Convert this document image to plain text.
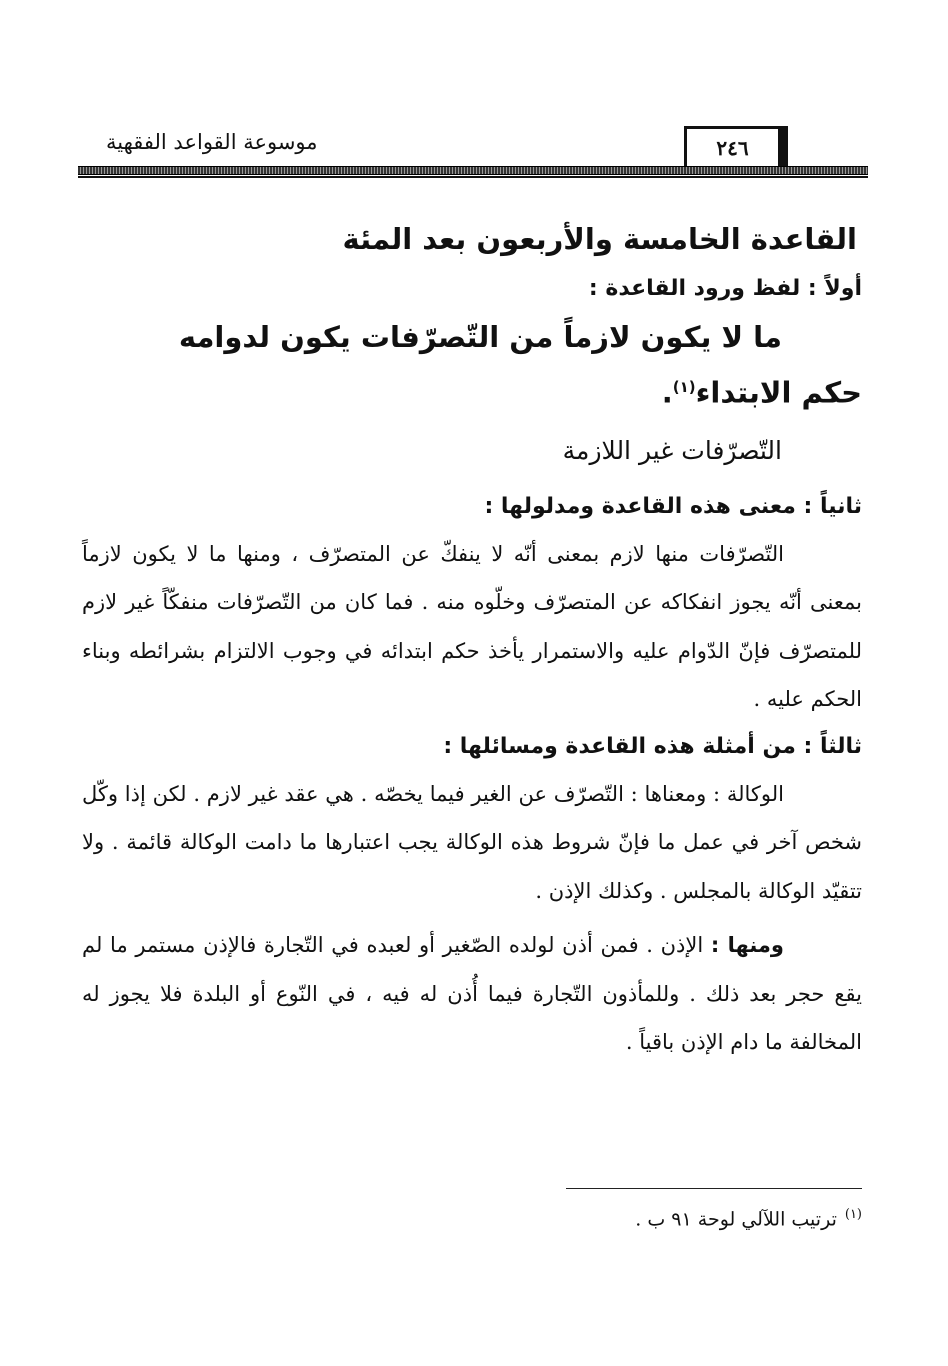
موسوعة القواعد الفقهية	٢٤٦
القاعدة الخامسة والأربعون بعد المئة

أولاً : لفظ ورود القاعدة :

ما لا يكون لازماً من التّصرّفات يكون لدوامه
حكم الابتداء$^{(١)}$.

التّصرّفات غير اللازمة

ثانياً : معنى هذه القاعدة ومدلولها :

التّصرّفات منها لازم بمعنى أنّه لا ينفكّ عن المتصرّف ، ومنها ما لا يكون لازماً بمعنى أنّه يجوز انفكاكه عن المتصرّف وخلّوه منه . فما كان من التّصرّفات منفكّاً غير لازم للمتصرّف فإنّ الدّوام عليه والاستمرار يأخذ حكم ابتدائه في وجوب الالتزام بشرائطه وبناء الحكم عليه .

ثالثاً : من أمثلة هذه القاعدة ومسائلها :

الوكالة : ومعناها : التّصرّف عن الغير فيما يخصّه . هي عقد غير لازم . لكن إذا وكّل شخص آخر في عمل ما فإنّ شروط هذه الوكالة يجب اعتبارها ما دامت الوكالة قائمة . ولا تتقيّد الوكالة بالمجلس . وكذلك الإذن .

ومنها : الإذن . فمن أذن لولده الصّغير أو لعبده في التّجارة فالإذن مستمر ما لم يقع حجر بعد ذلك . وللمأذون التّجارة فيما أُذن له فيه ، في النّوع أو البلدة فلا يجوز له المخالفة ما دام الإذن باقياً .

$^{(١)}$ترتيب اللآلي لوحة ٩١ ب .
